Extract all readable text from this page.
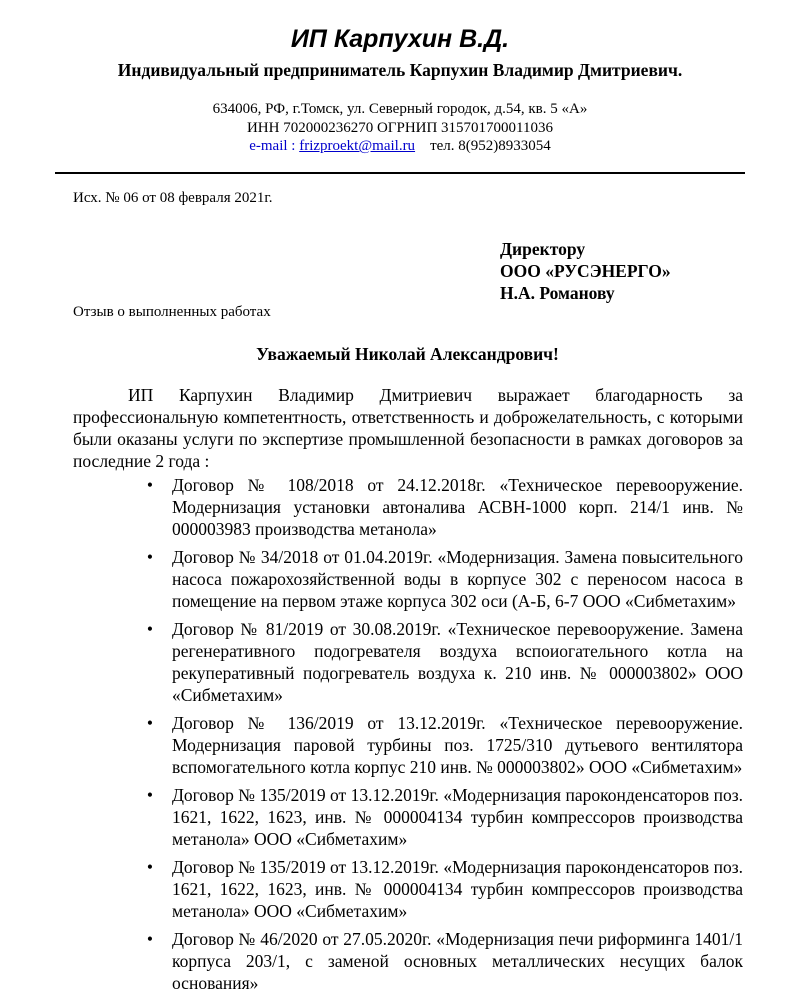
ИП Карпухин В.Д.
Индивидуальный предприниматель Карпухин Владимир Дмитриевич.
634006, РФ, г.Томск, ул. Северный городок, д.54, кв. 5 «А»
ИНН 702000236270 ОГРНИП 315701700011036
e-mail : frizproekt@mail.ru тел. 8(952)8933054
Исх. № 06 от 08 февраля 2021г.
Директору
ООО «РУСЭНЕРГО»
Н.А. Романову
Отзыв о выполненных работах
Уважаемый Николай Александрович!

ИП Карпухин Владимир Дмитриевич выражает благодарность за профессиональную компетентность, ответственность и доброжелательность, с которыми были оказаны услуги по экспертизе промышленной безопасности в рамках договоров за последние 2 года :

• Договор № 108/2018 от 24.12.2018г. «Техническое перевооружение. Модернизация установки автоналива АСВН-1000 корп. 214/1 инв. № 000003983 производства метанола»
• Договор № 34/2018 от 01.04.2019г. «Модернизация. Замена повысительного насоса пожарохозяйственной воды в корпусе 302 с переносом насоса в помещение на первом этаже корпуса 302 оси (А-Б, 6-7 ООО «Сибметахим»
• Договор № 81/2019 от 30.08.2019г. «Техническое перевооружение. Замена регенеративного подогревателя воздуха вспоиогательного котла на рекуперативный подогреватель воздуха к. 210 инв. № 000003802» ООО «Сибметахим»
• Договор № 136/2019 от 13.12.2019г. «Техническое перевооружение. Модернизация паровой турбины поз. 1725/310 дутьевого вентилятора вспомогательного котла корпус 210 инв. № 000003802» ООО «Сибметахим»
• Договор № 135/2019 от 13.12.2019г. «Модернизация пароконденсаторов поз. 1621, 1622, 1623, инв. № 000004134 турбин компрессоров производства метанола» ООО «Сибметахим»
• Договор № 135/2019 от 13.12.2019г. «Модернизация пароконденсаторов поз. 1621, 1622, 1623, инв. № 000004134 турбин компрессоров производства метанола» ООО «Сибметахим»
• Договор № 46/2020 от 27.05.2020г. «Модернизация печи риформинга 1401/1 корпуса 203/1, с заменой основных металлических несущих балок основания»
